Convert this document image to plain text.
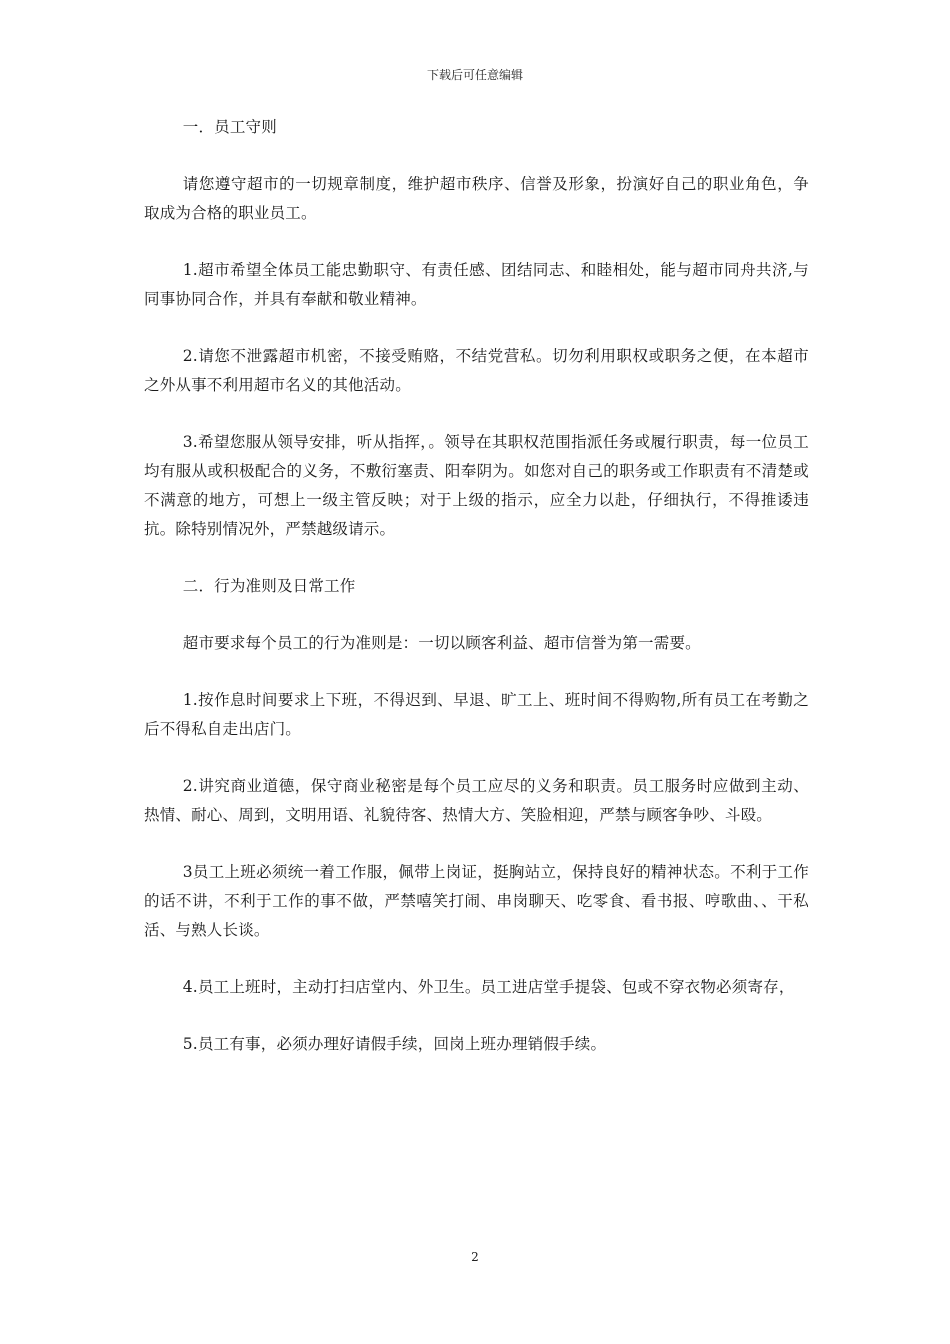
下载后可任意编辑

一．员工守则

请您遵守超市的一切规章制度，维护超市秩序、信誉及形象，扮演好自己的职业角色，争取成为合格的职业员工。

1.超市希望全体员工能忠勤职守、有责任感、团结同志、和睦相处，能与超市同舟共济,与同事协同合作，并具有奉献和敬业精神。

2.请您不泄露超市机密，不接受贿赂，不结党营私。切勿利用职权或职务之便，在本超市之外从事不利用超市名义的其他活动。

3.希望您服从领导安排，听从指挥，。领导在其职权范围指派任务或履行职责，每一位员工均有服从或积极配合的义务，不敷衍塞责、阳奉阴为。如您对自己的职务或工作职责有不清楚或不满意的地方，可想上一级主管反映；对于上级的指示，应全力以赴，仔细执行，不得推诿违抗。除特别情况外，严禁越级请示。

二．行为准则及日常工作

超市要求每个员工的行为准则是：一切以顾客利益、超市信誉为第一需要。

1.按作息时间要求上下班，不得迟到、早退、旷工上、班时间不得购物,所有员工在考勤之后不得私自走出店门。

2.讲究商业道德，保守商业秘密是每个员工应尽的义务和职责。员工服务时应做到主动、热情、耐心、周到，文明用语、礼貌待客、热情大方、笑脸相迎，严禁与顾客争吵、斗殴。

3员工上班必须统一着工作服，佩带上岗证，挺胸站立，保持良好的精神状态。不利于工作的话不讲，不利于工作的事不做，严禁嘻笑打闹、串岗聊天、吃零食、看书报、哼歌曲、、干私活、与熟人长谈。

4.员工上班时，主动打扫店堂内、外卫生。员工进店堂手提袋、包或不穿衣物必须寄存，

5.员工有事，必须办理好请假手续，回岗上班办理销假手续。

2
